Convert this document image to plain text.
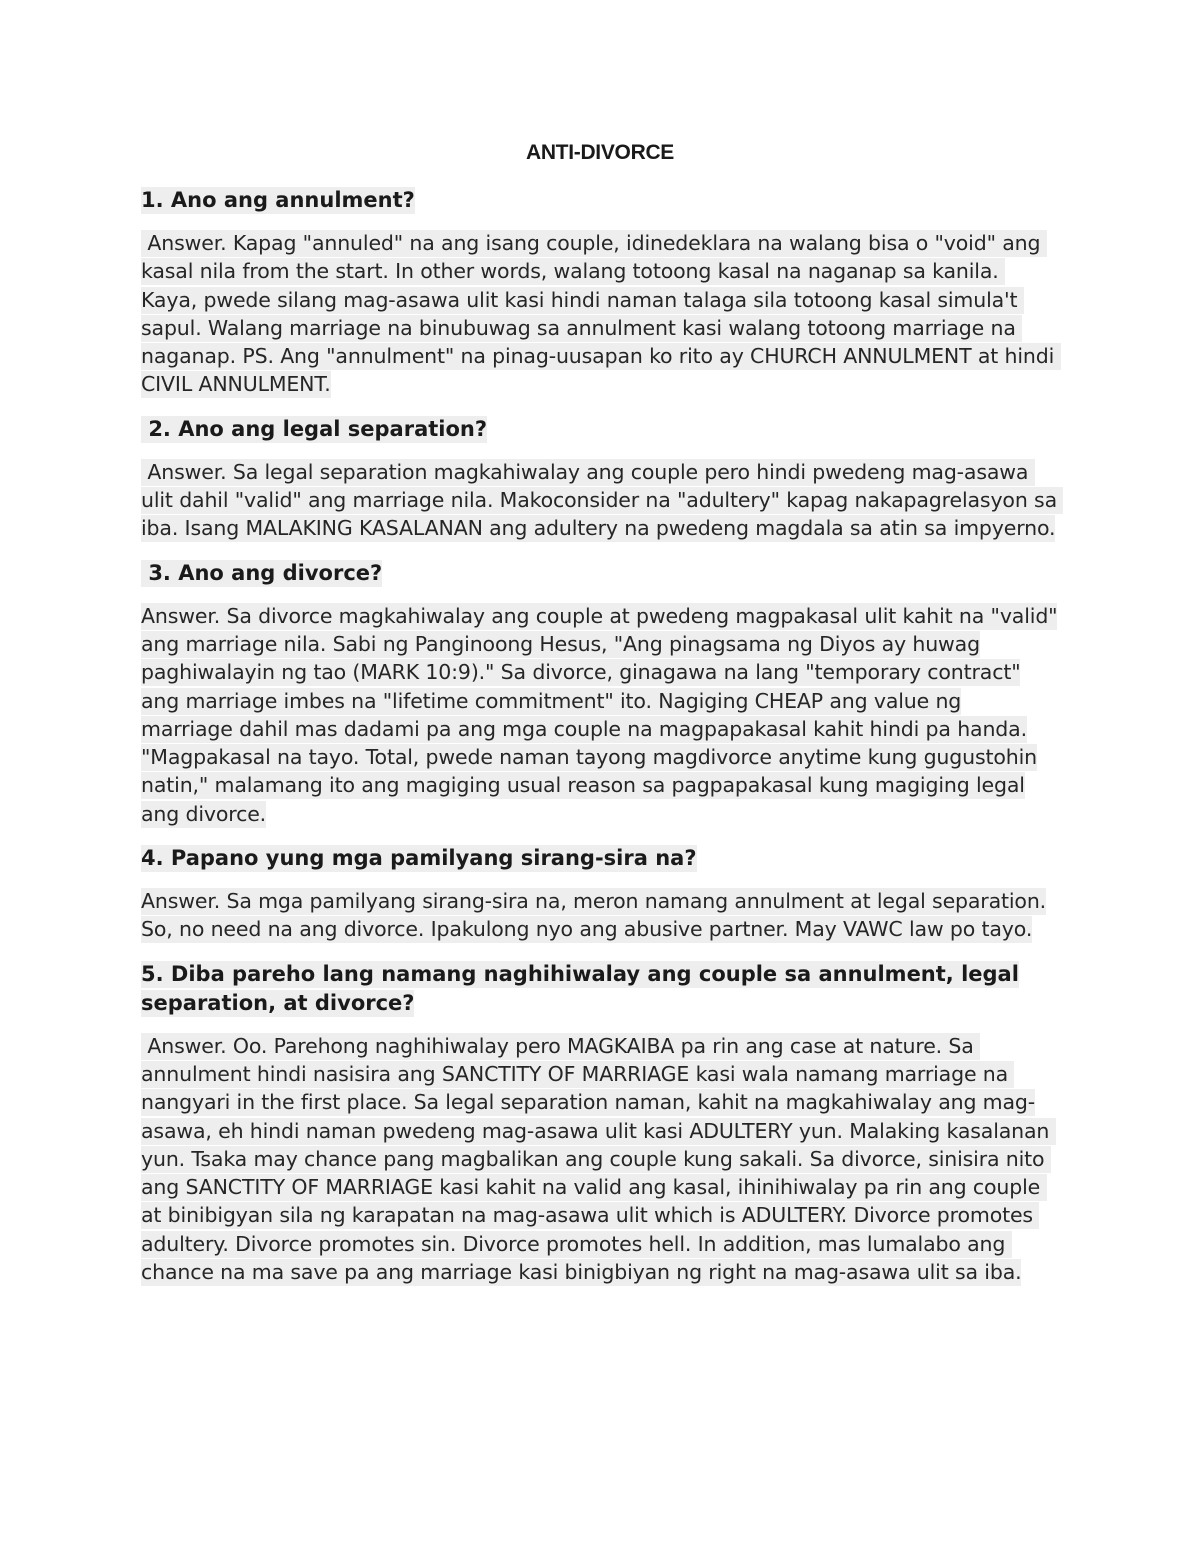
ANTI-DIVORCE
1. Ano ang annulment?
Answer. Kapag "annuled" na ang isang couple, idinedeklara na walang bisa o "void" ang kasal nila from the start. In other words, walang totoong kasal na naganap sa kanila. Kaya, pwede silang mag-asawa ulit kasi hindi naman talaga sila totoong kasal simula't sapul. Walang marriage na binubuwag sa annulment kasi walang totoong marriage na naganap. PS. Ang "annulment" na pinag-uusapan ko rito ay CHURCH ANNULMENT at hindi CIVIL ANNULMENT.
2. Ano ang legal separation?
Answer. Sa legal separation magkahiwalay ang couple pero hindi pwedeng mag-asawa ulit dahil "valid" ang marriage nila. Makoconsider na "adultery" kapag nakapagrelasyon sa iba. Isang MALAKING KASALANAN ang adultery na pwedeng magdala sa atin sa impyerno.
3. Ano ang divorce?
Answer. Sa divorce magkahiwalay ang couple at pwedeng magpakasal ulit kahit na "valid" ang marriage nila. Sabi ng Panginoong Hesus, "Ang pinagsama ng Diyos ay huwag paghiwalayin ng tao (MARK 10:9)." Sa divorce, ginagawa na lang "temporary contract" ang marriage imbes na "lifetime commitment" ito. Nagiging CHEAP ang value ng marriage dahil mas dadami pa ang mga couple na magpapakasal kahit hindi pa handa. "Magpakasal na tayo. Total, pwede naman tayong magdivorce anytime kung gugustohin natin," malamang ito ang magiging usual reason sa pagpapakasal kung magiging legal ang divorce.
4. Papano yung mga pamilyang sirang-sira na?
Answer. Sa mga pamilyang sirang-sira na, meron namang annulment at legal separation. So, no need na ang divorce. Ipakulong nyo ang abusive partner. May VAWC law po tayo.
5. Diba pareho lang namang naghihiwalay ang couple sa annulment, legal separation, at divorce?
Answer. Oo. Parehong naghihiwalay pero MAGKAIBA pa rin ang case at nature. Sa annulment hindi nasisira ang SANCTITY OF MARRIAGE kasi wala namang marriage na nangyari in the first place. Sa legal separation naman, kahit na magkahiwalay ang mag-asawa, eh hindi naman pwedeng mag-asawa ulit kasi ADULTERY yun. Malaking kasalanan yun. Tsaka may chance pang magbalikan ang couple kung sakali. Sa divorce, sinisira nito ang SANCTITY OF MARRIAGE kasi kahit na valid ang kasal, ihinihiwalay pa rin ang couple at binibigyan sila ng karapatan na mag-asawa ulit which is ADULTERY. Divorce promotes adultery. Divorce promotes sin. Divorce promotes hell. In addition, mas lumalabo ang chance na ma save pa ang marriage kasi binigbiyan ng right na mag-asawa ulit sa iba.
